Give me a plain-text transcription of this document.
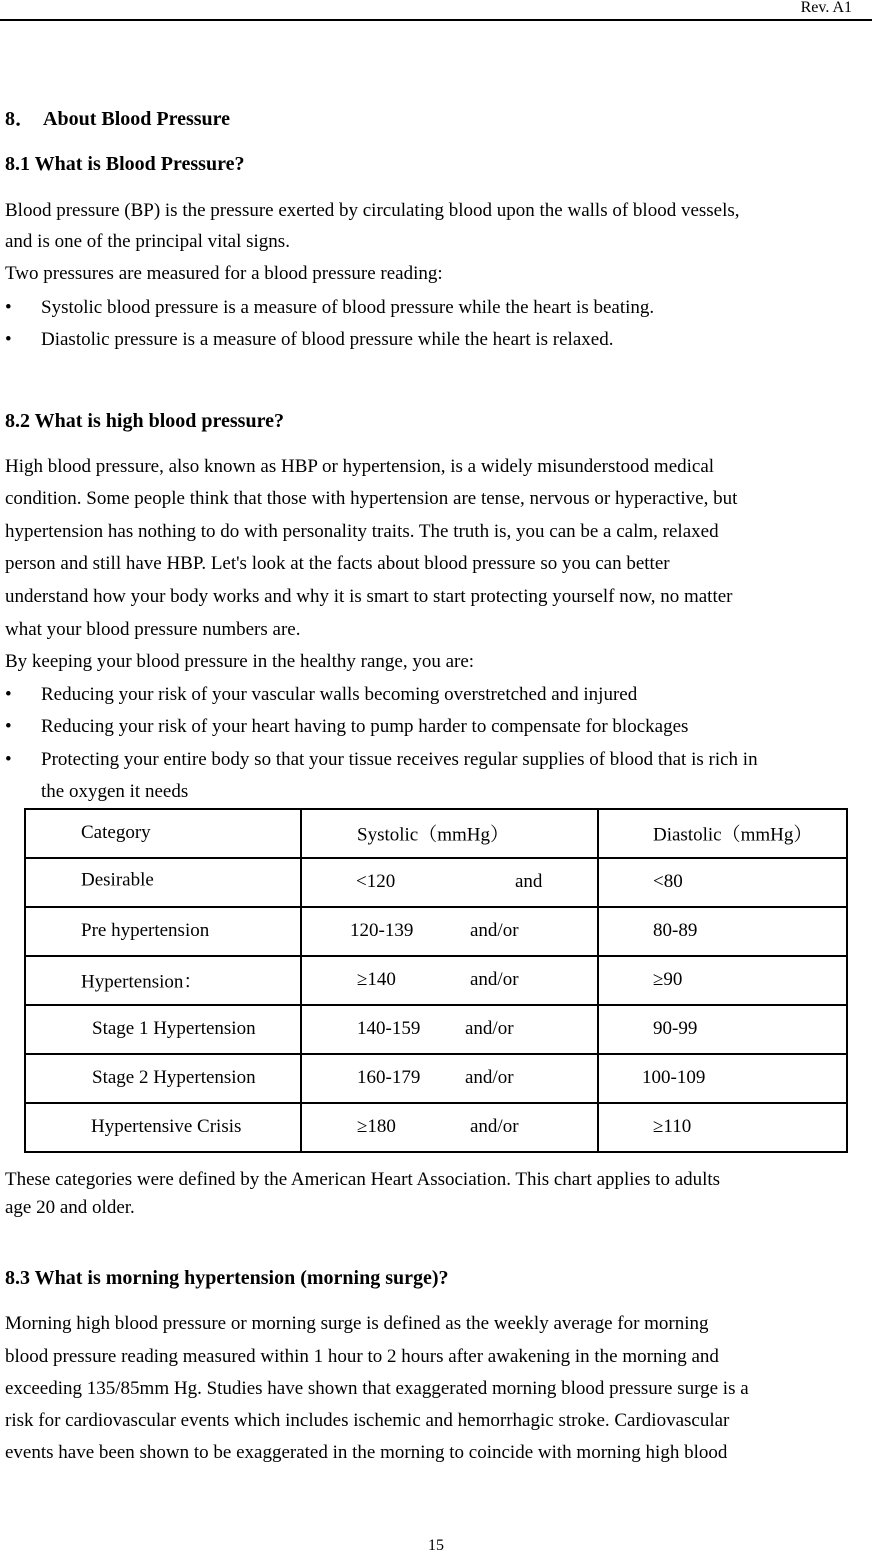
Rev. A1
8． About Blood Pressure
8.1 What is Blood Pressure?
Blood pressure (BP) is the pressure exerted by circulating blood upon the walls of blood vessels,
and is one of the principal vital signs.
Two pressures are measured for a blood pressure reading:
• Systolic blood pressure is a measure of blood pressure while the heart is beating.
• Diastolic pressure is a measure of blood pressure while the heart is relaxed.
8.2 What is high blood pressure?
High blood pressure, also known as HBP or hypertension, is a widely misunderstood medical
condition. Some people think that those with hypertension are tense, nervous or hyperactive, but
hypertension has nothing to do with personality traits. The truth is, you can be a calm, relaxed
person and still have HBP. Let's look at the facts about blood pressure so you can better
understand how your body works and why it is smart to start protecting yourself now, no matter
what your blood pressure numbers are.
By keeping your blood pressure in the healthy range, you are:
• Reducing your risk of your vascular walls becoming overstretched and injured
• Reducing your risk of your heart having to pump harder to compensate for blockages
• Protecting your entire body so that your tissue receives regular supplies of blood that is rich in
the oxygen it needs
Category	Systolic（mmHg）	Diastolic（mmHg）

Desirable	<120 and	<80

Pre hypertension	120-139 and/or	80-89

Hypertension：	≥140 and/or	≥90

Stage 1 Hypertension	140-159 and/or	90-99

Stage 2 Hypertension	160-179 and/or	100-109

Hypertensive Crisis	≥180 and/or	≥110
These categories were defined by the American Heart Association. This chart applies to adults
age 20 and older.
8.3 What is morning hypertension (morning surge)?
Morning high blood pressure or morning surge is defined as the weekly average for morning
blood pressure reading measured within 1 hour to 2 hours after awakening in the morning and
exceeding 135/85mm Hg. Studies have shown that exaggerated morning blood pressure surge is a
risk for cardiovascular events which includes ischemic and hemorrhagic stroke. Cardiovascular
events have been shown to be exaggerated in the morning to coincide with morning high blood
15
